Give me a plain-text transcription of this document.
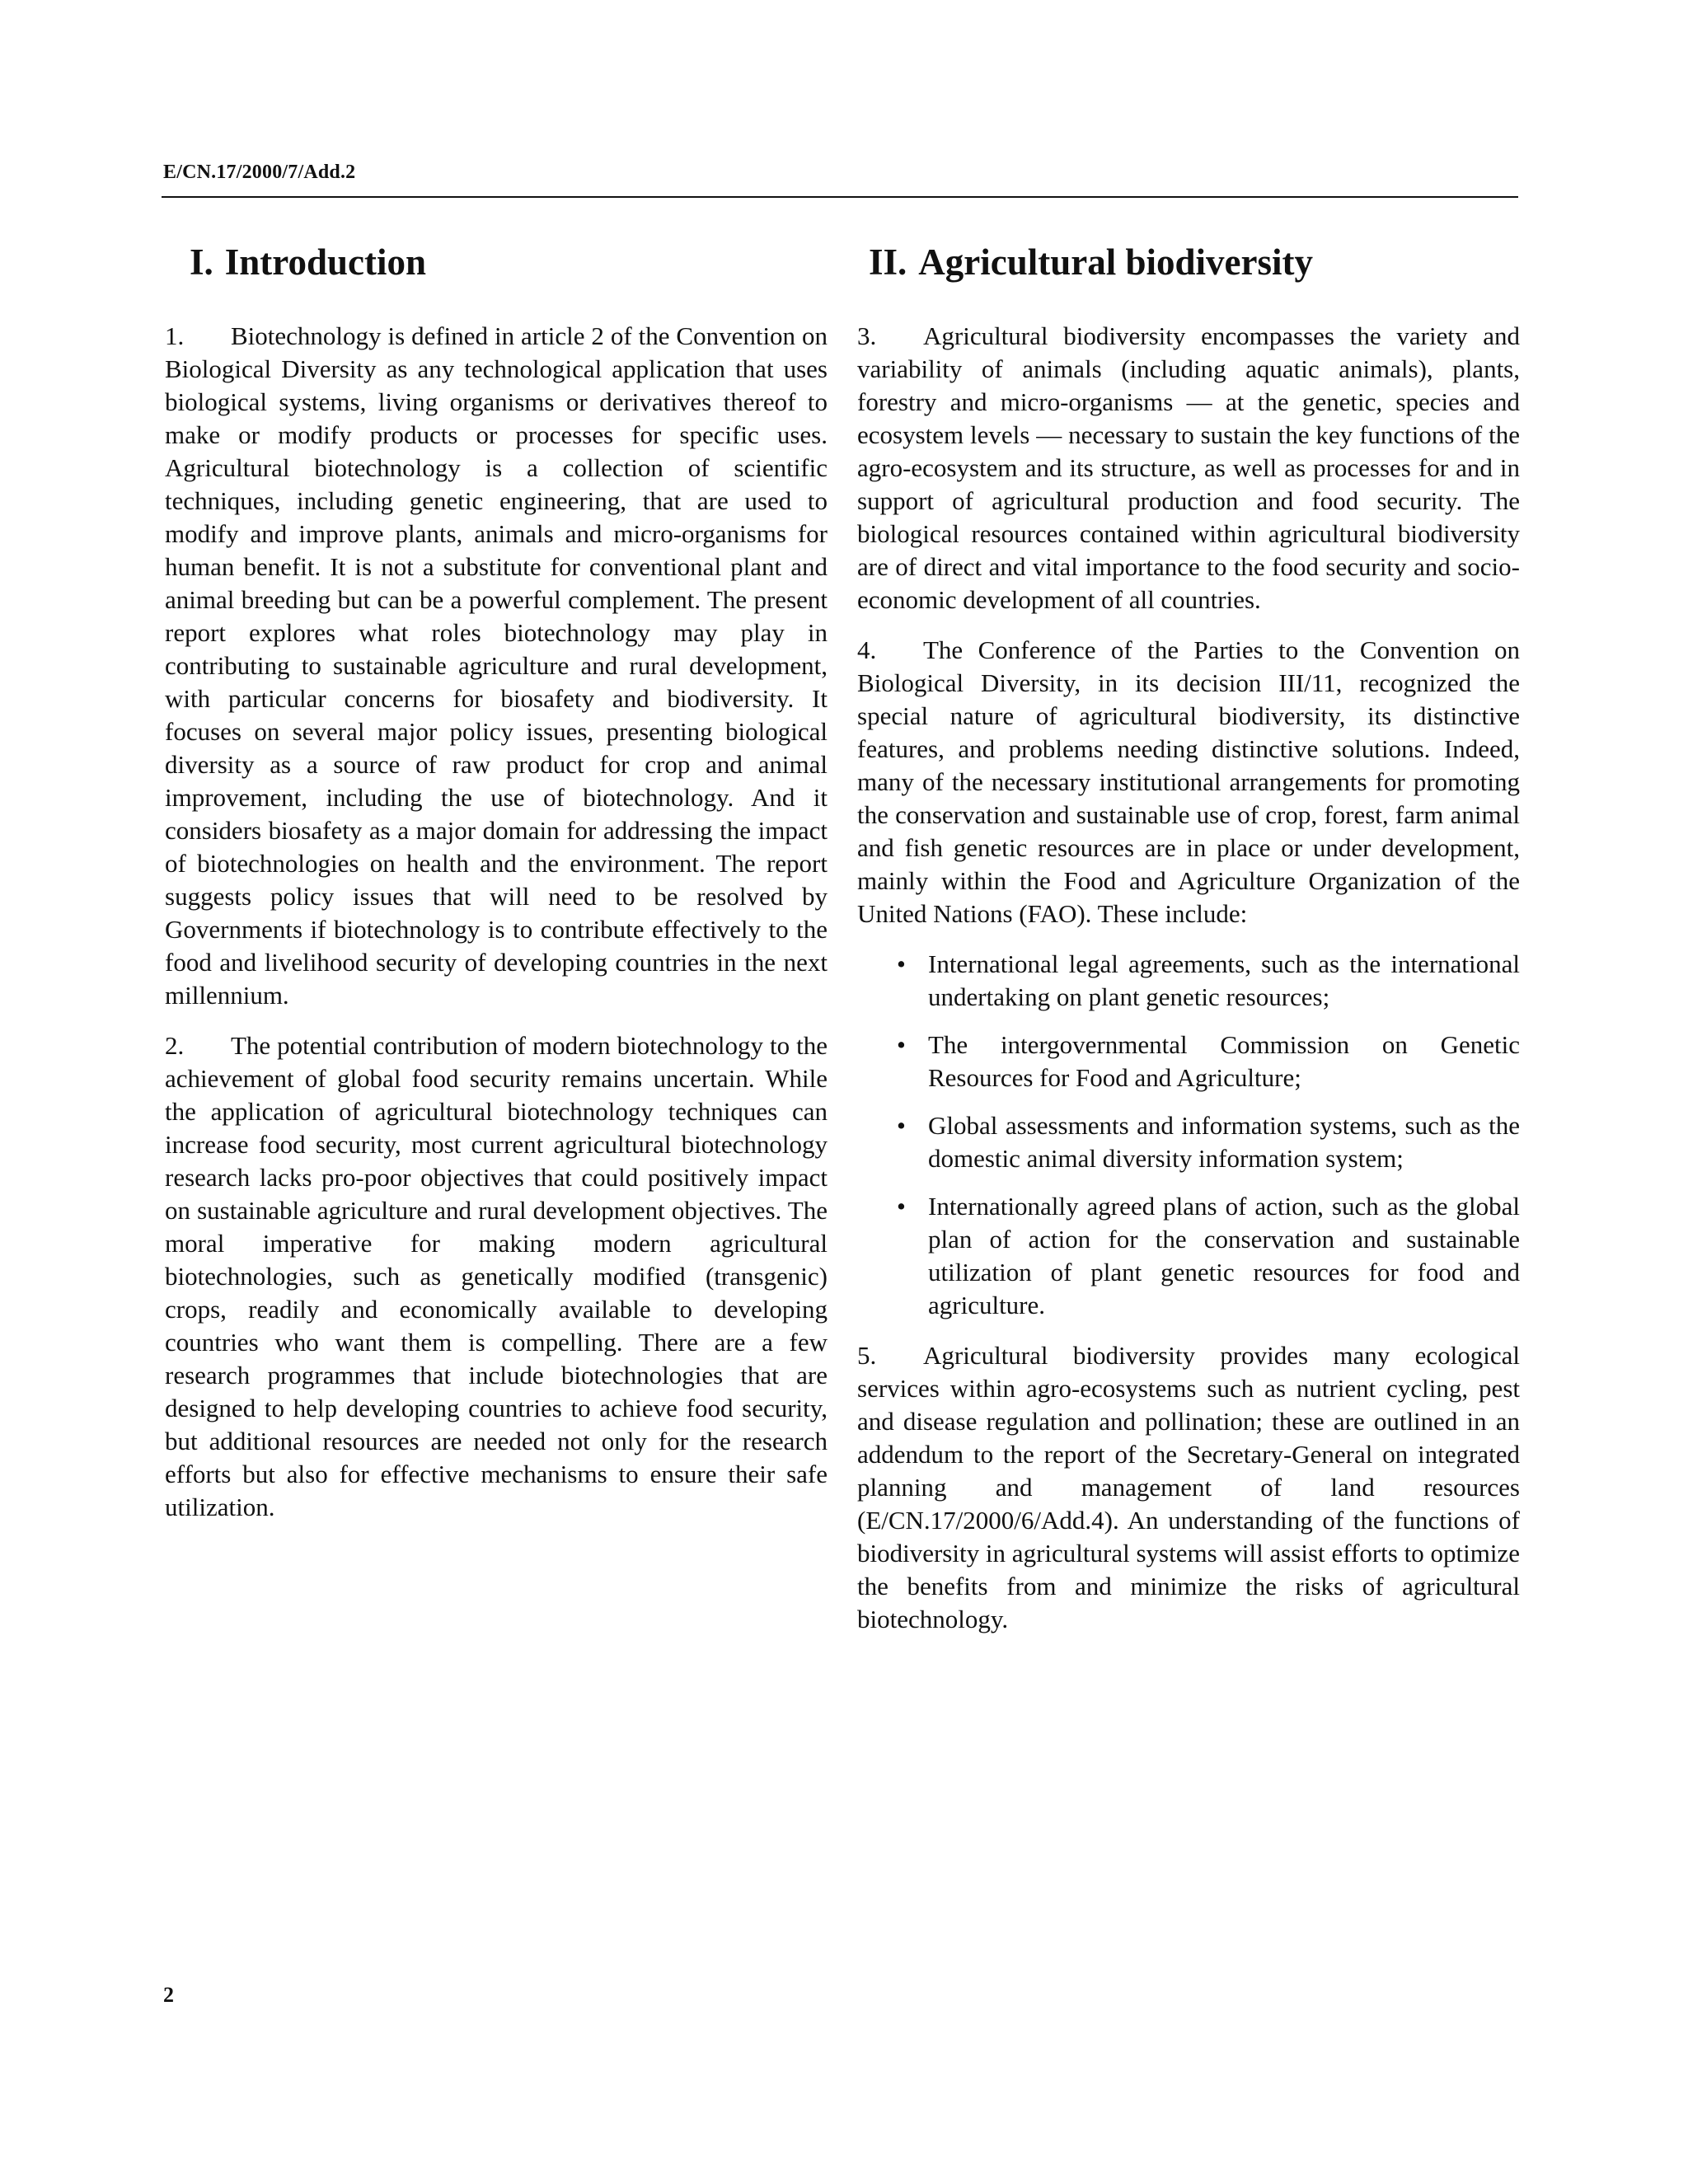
E/CN.17/2000/7/Add.2
I. Introduction

1. Biotechnology is defined in article 2 of the Convention on Biological Diversity as any technological application that uses biological systems, living organisms or derivatives thereof to make or modify products or processes for specific uses. Agricultural biotechnology is a collection of scientific techniques, including genetic engineering, that are used to modify and improve plants, animals and micro-organisms for human benefit. It is not a substitute for conventional plant and animal breeding but can be a powerful complement. The present report explores what roles biotechnology may play in contributing to sustainable agriculture and rural development, with particular concerns for biosafety and biodiversity. It focuses on several major policy issues, presenting biological diversity as a source of raw product for crop and animal improvement, including the use of biotechnology. And it considers biosafety as a major domain for addressing the impact of biotechnologies on health and the environment. The report suggests policy issues that will need to be resolved by Governments if biotechnology is to contribute effectively to the food and livelihood security of developing countries in the next millennium.

2. The potential contribution of modern biotechnology to the achievement of global food security remains uncertain. While the application of agricultural biotechnology techniques can increase food security, most current agricultural biotechnology research lacks pro-poor objectives that could positively impact on sustainable agriculture and rural development objectives. The moral imperative for making modern agricultural biotechnologies, such as genetically modified (transgenic) crops, readily and economically available to developing countries who want them is compelling. There are a few research programmes that include biotechnologies that are designed to help developing countries to achieve food security, but additional resources are needed not only for the research efforts but also for effective mechanisms to ensure their safe utilization.

II. Agricultural biodiversity

3. Agricultural biodiversity encompasses the variety and variability of animals (including aquatic animals), plants, forestry and micro-organisms — at the genetic, species and ecosystem levels — necessary to sustain the key functions of the agro-ecosystem and its structure, as well as processes for and in support of agricultural production and food security. The biological resources contained within agricultural biodiversity are of direct and vital importance to the food security and socio-economic development of all countries.

4. The Conference of the Parties to the Convention on Biological Diversity, in its decision III/11, recognized the special nature of agricultural biodiversity, its distinctive features, and problems needing distinctive solutions. Indeed, many of the necessary institutional arrangements for promoting the conservation and sustainable use of crop, forest, farm animal and fish genetic resources are in place or under development, mainly within the Food and Agriculture Organization of the United Nations (FAO). These include:

• International legal agreements, such as the international undertaking on plant genetic resources;
• The intergovernmental Commission on Genetic Resources for Food and Agriculture;
• Global assessments and information systems, such as the domestic animal diversity information system;
• Internationally agreed plans of action, such as the global plan of action for the conservation and sustainable utilization of plant genetic resources for food and agriculture.

5. Agricultural biodiversity provides many ecological services within agro-ecosystems such as nutrient cycling, pest and disease regulation and pollination; these are outlined in an addendum to the report of the Secretary-General on integrated planning and management of land resources (E/CN.17/2000/6/Add.4). An understanding of the functions of biodiversity in agricultural systems will assist efforts to optimize the benefits from and minimize the risks of agricultural biotechnology.

2
